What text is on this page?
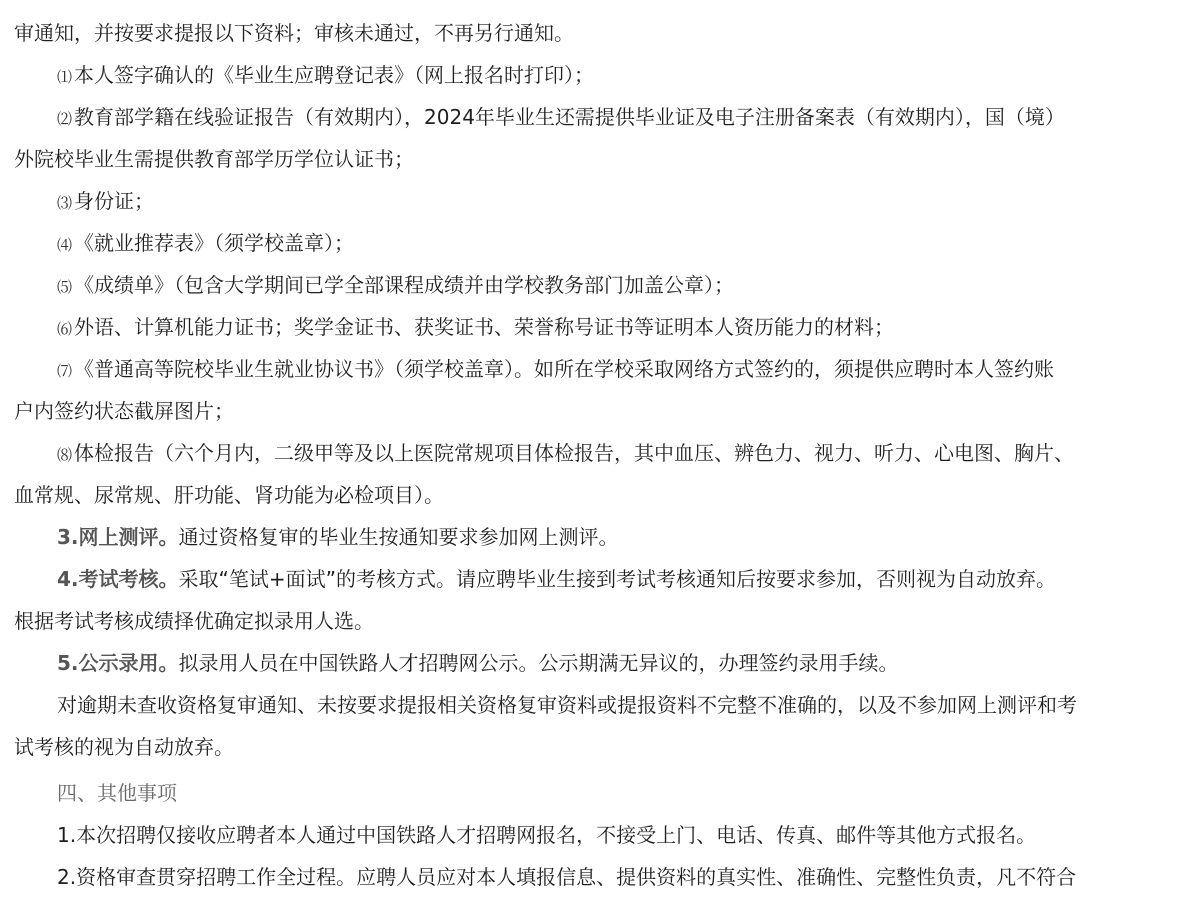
审通知，并按要求提报以下资料；审核未通过，不再另行通知。
⑴ 本人签字确认的《毕业生应聘登记表》（网上报名时打印）；
⑵ 教育部学籍在线验证报告（有效期内），2024年毕业生还需提供毕业证及电子注册备案表（有效期内），国（境）
外院校毕业生需提供教育部学历学位认证书；
⑶ 身份证；
⑷ 《就业推荐表》（须学校盖章）；
⑸ 《成绩单》（包含大学期间已学全部课程成绩并由学校教务部门加盖公章）；
⑹ 外语、计算机能力证书；奖学金证书、获奖证书、荣誉称号证书等证明本人资历能力的材料；
⑺ 《普通高等院校毕业生就业协议书》（须学校盖章）。如所在学校采取网络方式签约的，须提供应聘时本人签约账
户内签约状态截屏图片；
⑻ 体检报告（六个月内，二级甲等及以上医院常规项目体检报告，其中血压、辨色力、视力、听力、心电图、胸片、
血常规、尿常规、肝功能、肾功能为必检项目）。
3.网上测评。通过资格复审的毕业生按通知要求参加网上测评。
4.考试考核。采取“笔试+面试”的考核方式。请应聘毕业生接到考试考核通知后按要求参加，否则视为自动放弃。
根据考试考核成绩择优确定拟录用人选。
5.公示录用。拟录用人员在中国铁路人才招聘网公示。公示期满无异议的，办理签约录用手续。
对逾期未查收资格复审通知、未按要求提报相关资格复审资料或提报资料不完整不准确的，以及不参加网上测评和考
试考核的视为自动放弃。
四、其他事项
1.本次招聘仅接收应聘者本人通过中国铁路人才招聘网报名，不接受上门、电话、传真、邮件等其他方式报名。
2.资格审查贯穿招聘工作全过程。应聘人员应对本人填报信息、提供资料的真实性、准确性、完整性负责，凡不符合
